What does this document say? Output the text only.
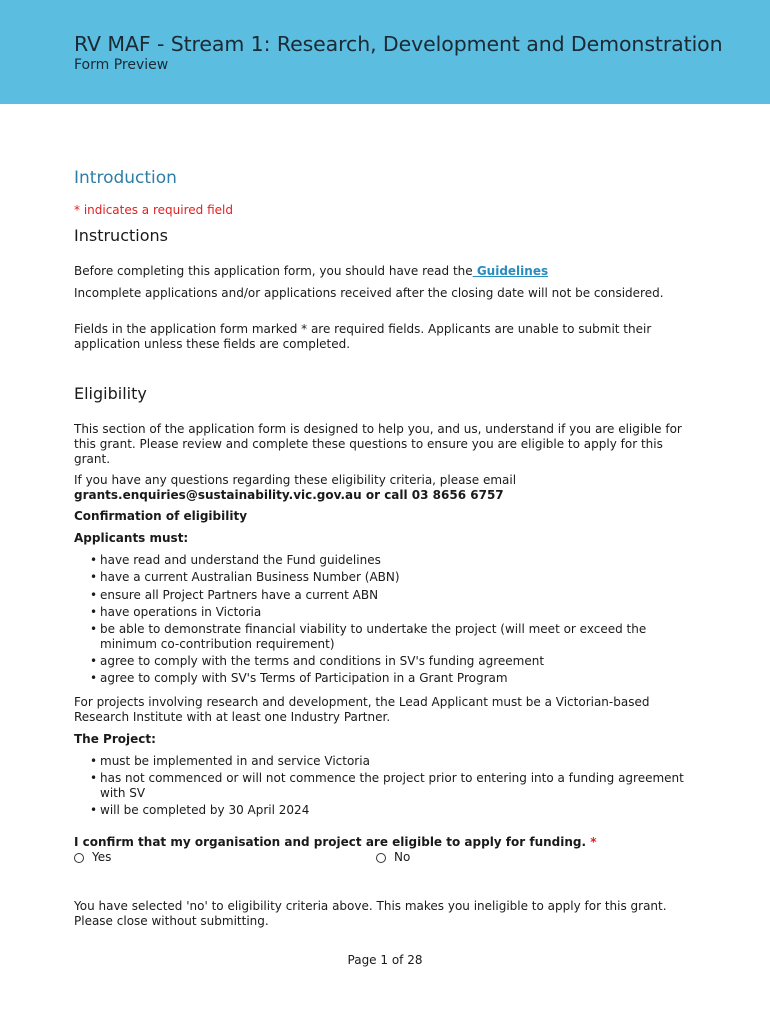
RV MAF - Stream 1: Research, Development and Demonstration
Form Preview
Introduction
* indicates a required field
Instructions
Before completing this application form, you should have read the Guidelines
Incomplete applications and/or applications received after the closing date will not be considered.
Fields in the application form marked * are required fields. Applicants are unable to submit their application unless these fields are completed.
Eligibility
This section of the application form is designed to help you, and us, understand if you are eligible for this grant. Please review and complete these questions to ensure you are eligible to apply for this grant.
If you have any questions regarding these eligibility criteria, please email
grants.enquiries@sustainability.vic.gov.au or call 03 8656 6757
Confirmation of eligibility
Applicants must:
• have read and understand the Fund guidelines
• have a current Australian Business Number (ABN)
• ensure all Project Partners have a current ABN
• have operations in Victoria
• be able to demonstrate financial viability to undertake the project (will meet or exceed the minimum co-contribution requirement)
• agree to comply with the terms and conditions in SV's funding agreement
• agree to comply with SV's Terms of Participation in a Grant Program
For projects involving research and development, the Lead Applicant must be a Victorian-based Research Institute with at least one Industry Partner.
The Project:
• must be implemented in and service Victoria
• has not commenced or will not commence the project prior to entering into a funding agreement with SV
• will be completed by 30 April 2024
I confirm that my organisation and project are eligible to apply for funding. *
Yes	No
You have selected 'no' to eligibility criteria above. This makes you ineligible to apply for this grant. Please close without submitting.
Page 1 of 28
